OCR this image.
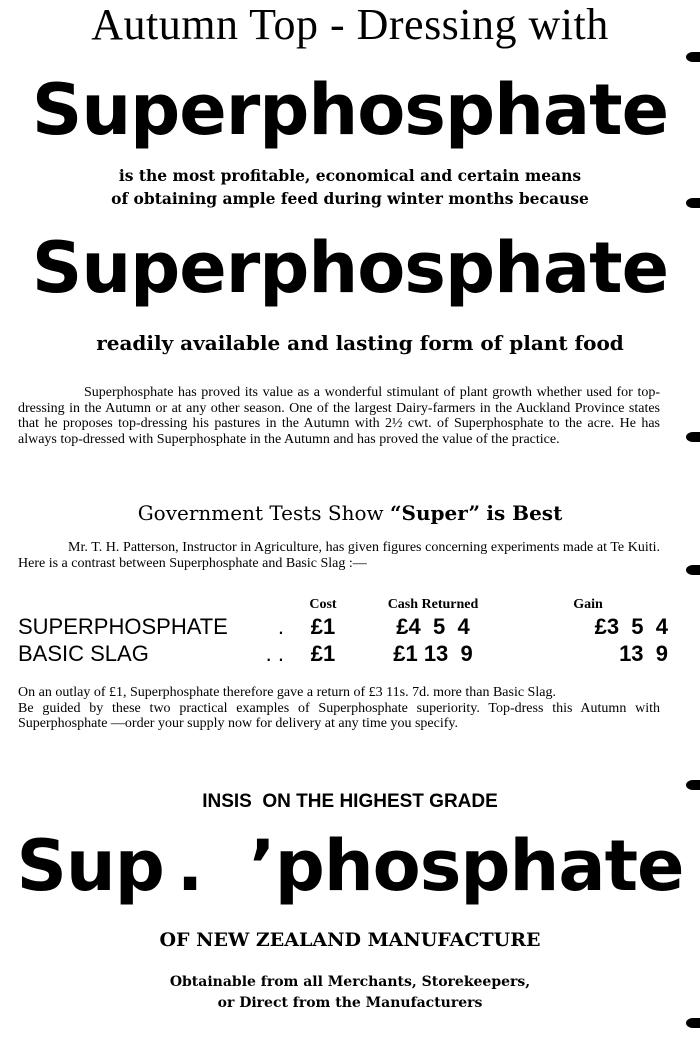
Autumn Top - Dressing with
Superphosphate
is the most profitable, economical and certain means
of obtaining ample feed during winter months because
Superphosphate
readily available and lasting form of plant food
Superphosphate has proved its value as a wonderful stimulant of plant growth whether used for top-dressing in the Autumn or at any other season. One of the largest Dairy-farmers in the Auckland Province states that he proposes top-dressing his pastures in the Autumn with 2½ cwt. of Superphosphate to the acre. He has always top-dressed with Superphosphate in the Autumn and has proved the value of the practice.
Government Tests Show “Super” is Best
Mr. T. H. Patterson, Instructor in Agriculture, has given figures concerning experiments made at Te Kuiti. Here is a contrast between Superphosphate and Basic Slag :—
	Cost	Cash Returned	Gain
SUPERPHOSPHATE .	£1	£4  5  4	£3  5  4
BASIC SLAG . .	£1	£1 13  9	13  9

On an outlay of £1, Superphosphate therefore gave a return of £3 11s. 7d. more than Basic Slag.

Be guided by these two practical examples of Superphosphate superiority. Top-dress this Autumn with Superphosphate —order your supply now for delivery at any time you specify.

INSIS  ON THE HIGHEST GRADE
Sup .  ’phosphate
OF NEW ZEALAND MANUFACTURE
Obtainable from all Merchants, Storekeepers,
or Direct from the Manufacturers
